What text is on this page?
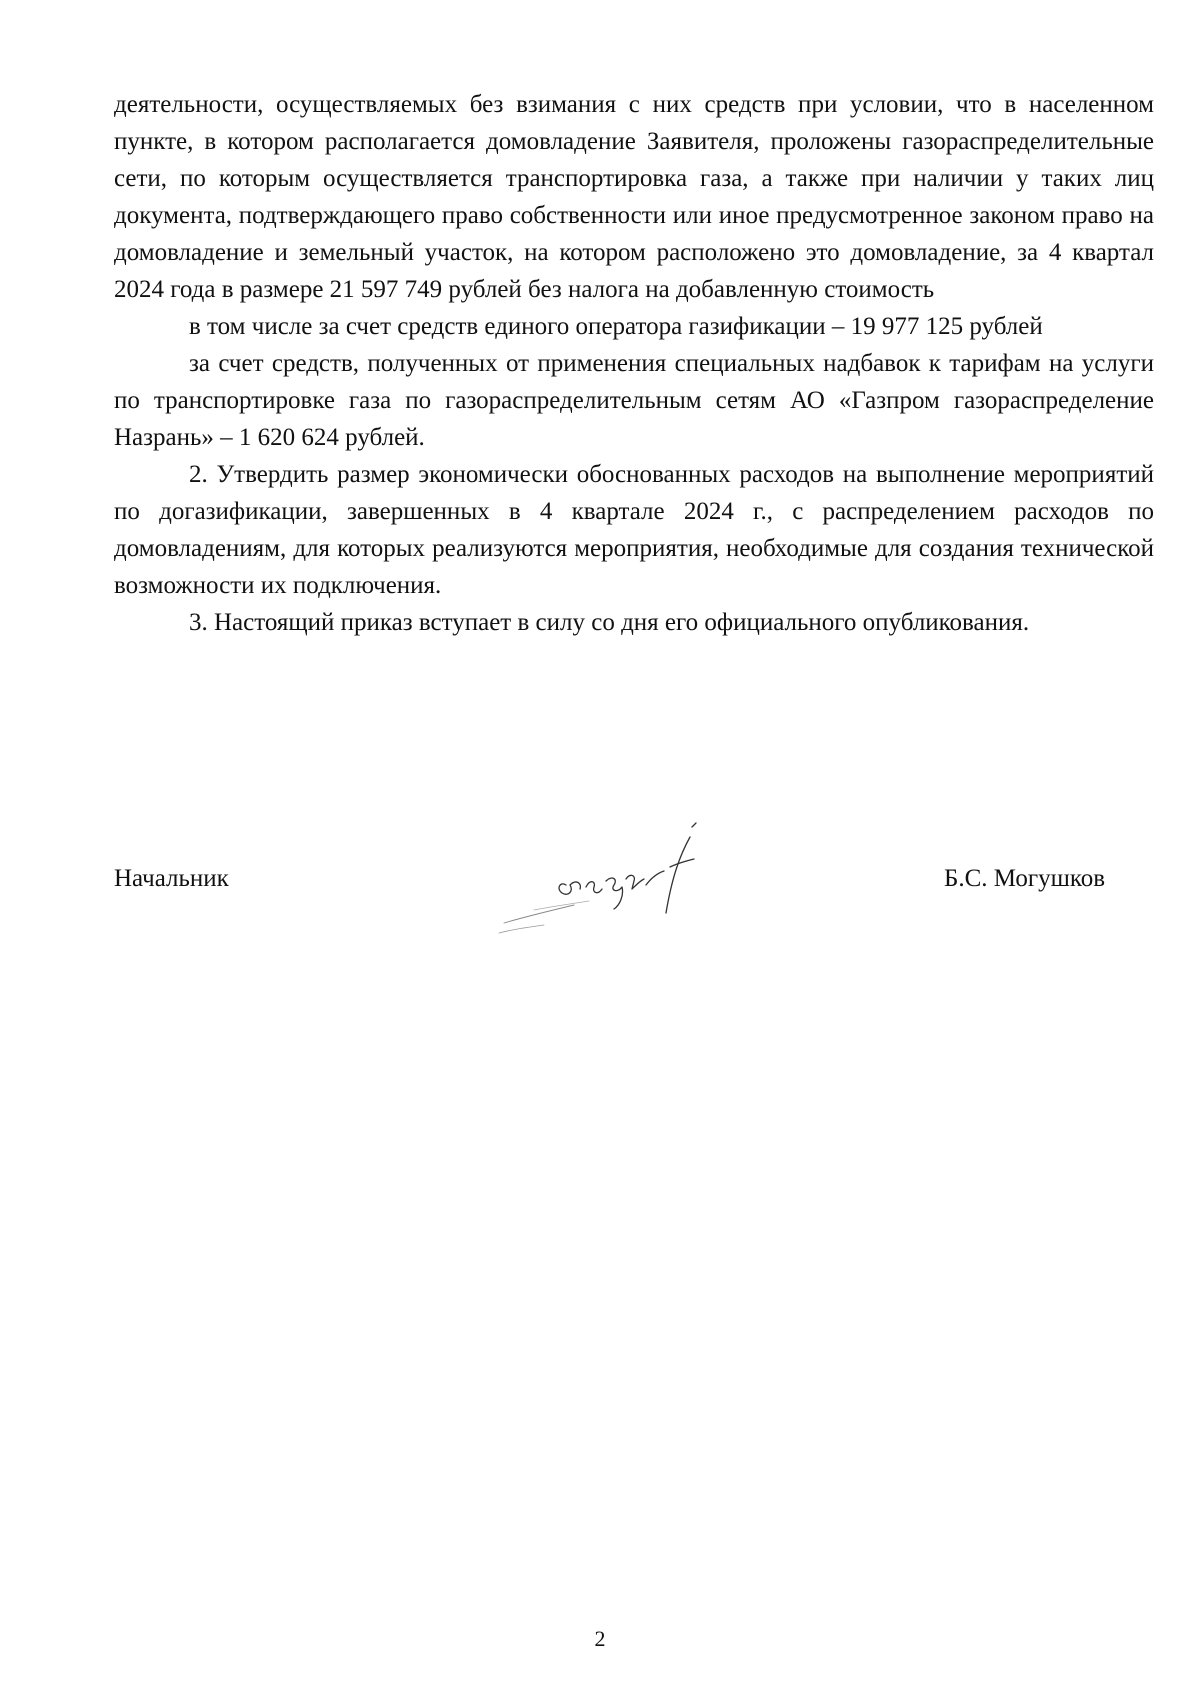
деятельности, осуществляемых без взимания с них средств при условии, что в населенном пункте, в котором располагается домовладение Заявителя, проложены газораспределительные сети, по которым осуществляется транспортировка газа, а также при наличии у таких лиц документа, подтверждающего право собственности или иное предусмотренное законом право на домовладение и земельный участок, на котором расположено это домовладение, за 4 квартал 2024 года в размере 21 597 749 рублей без налога на добавленную стоимость

в том числе за счет средств единого оператора газификации – 19 977 125 рублей

за счет средств, полученных от применения специальных надбавок к тарифам на услуги по транспортировке газа по газораспределительным сетям АО «Газпром газораспределение Назрань» – 1 620 624 рублей.

2. Утвердить размер экономически обоснованных расходов на выполнение мероприятий по догазификации, завершенных в 4 квартале 2024 г., с распределением расходов по домовладениям, для которых реализуются мероприятия, необходимые для создания технической возможности их подключения.

3. Настоящий приказ вступает в силу со дня его официального опубликования.

Начальник	Б.С. Могушков
2
